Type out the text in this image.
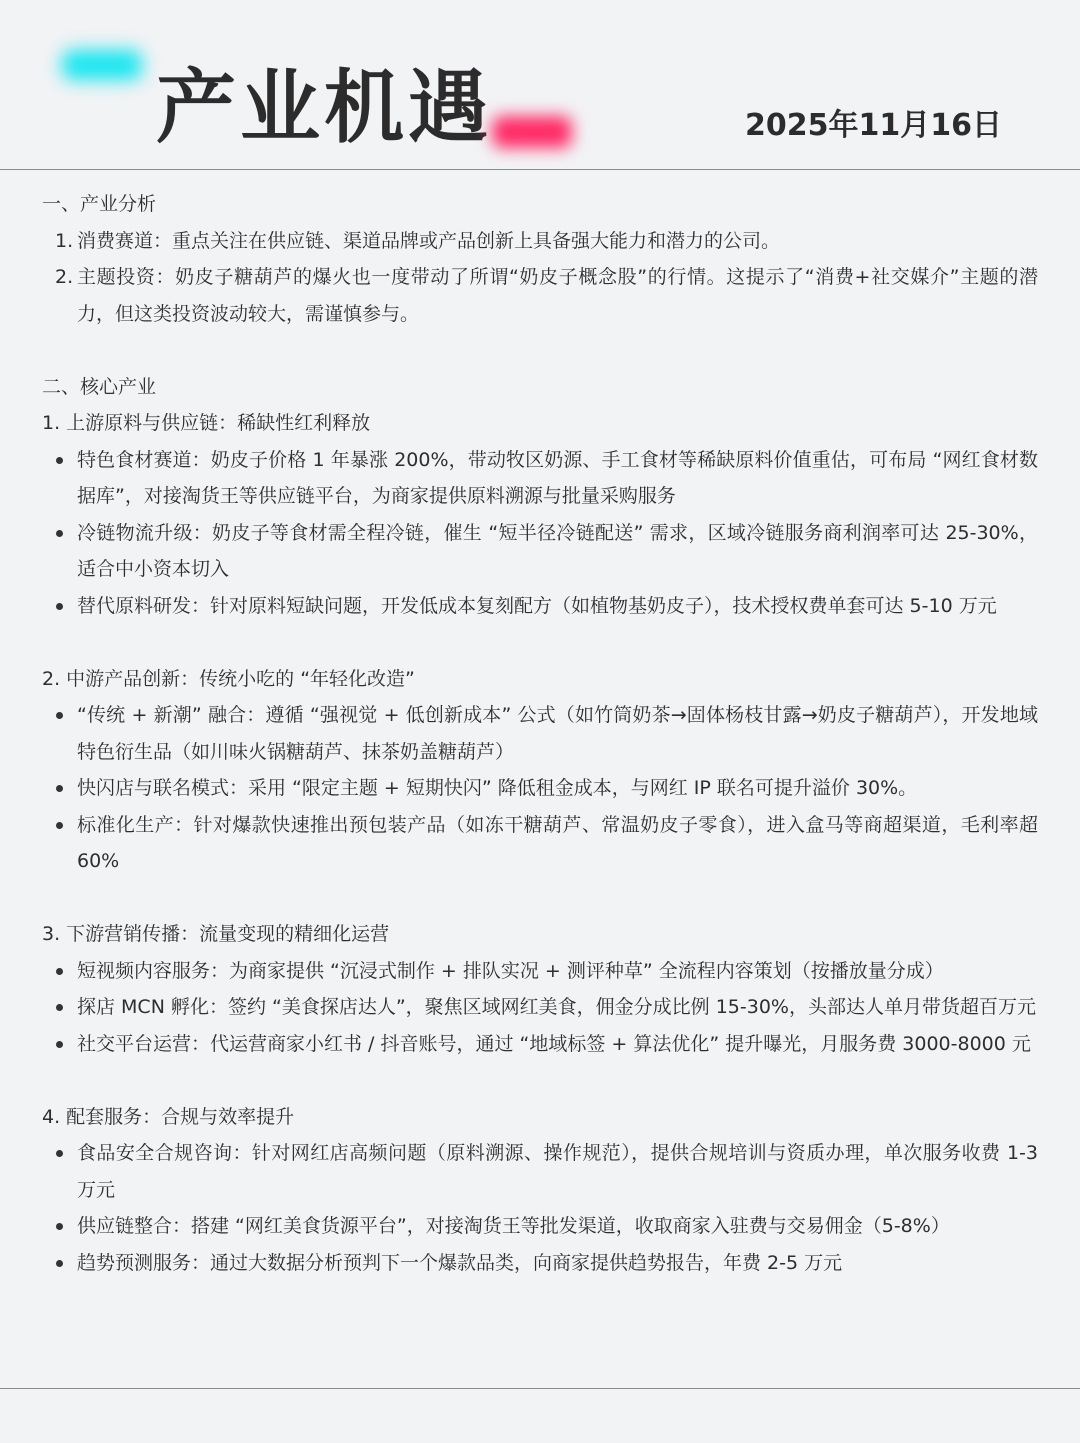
产业机遇	2025年11月16日

一、产业分析

1. 消费赛道：重点关注在供应链、渠道品牌或产品创新上具备强大能力和潜力的公司。
2. 主题投资：奶皮子糖葫芦的爆火也一度带动了所谓“奶皮子概念股”的行情。这提示了“消费+社交媒介”主题的潜力，但这类投资波动较大，需谨慎参与。

二、核心产业

1. 上游原料与供应链：稀缺性红利释放

特色食材赛道：奶皮子价格 1 年暴涨 200%，带动牧区奶源、手工食材等稀缺原料价值重估，可布局 “网红食材数据库”，对接淘货王等供应链平台，为商家提供原料溯源与批量采购服务
冷链物流升级：奶皮子等食材需全程冷链，催生 “短半径冷链配送” 需求，区域冷链服务商利润率可达 25-30%，适合中小资本切入
替代原料研发：针对原料短缺问题，开发低成本复刻配方（如植物基奶皮子），技术授权费单套可达 5-10 万元

2. 中游产品创新：传统小吃的 “年轻化改造”

“传统 + 新潮” 融合：遵循 “强视觉 + 低创新成本” 公式（如竹筒奶茶→固体杨枝甘露→奶皮子糖葫芦），开发地域特色衍生品（如川味火锅糖葫芦、抹茶奶盖糖葫芦）
快闪店与联名模式：采用 “限定主题 + 短期快闪” 降低租金成本，与网红 IP 联名可提升溢价 30%。
标准化生产：针对爆款快速推出预包装产品（如冻干糖葫芦、常温奶皮子零食），进入盒马等商超渠道，毛利率超 60%

3. 下游营销传播：流量变现的精细化运营

短视频内容服务：为商家提供 “沉浸式制作 + 排队实况 + 测评种草” 全流程内容策划（按播放量分成）
探店 MCN 孵化：签约 “美食探店达人”，聚焦区域网红美食，佣金分成比例 15-30%，头部达人单月带货超百万元
社交平台运营：代运营商家小红书 / 抖音账号，通过 “地域标签 + 算法优化” 提升曝光，月服务费 3000-8000 元

4. 配套服务：合规与效率提升

食品安全合规咨询：针对网红店高频问题（原料溯源、操作规范），提供合规培训与资质办理，单次服务收费 1-3 万元
供应链整合：搭建 “网红美食货源平台”，对接淘货王等批发渠道，收取商家入驻费与交易佣金（5-8%）
趋势预测服务：通过大数据分析预判下一个爆款品类，向商家提供趋势报告，年费 2-5 万元
